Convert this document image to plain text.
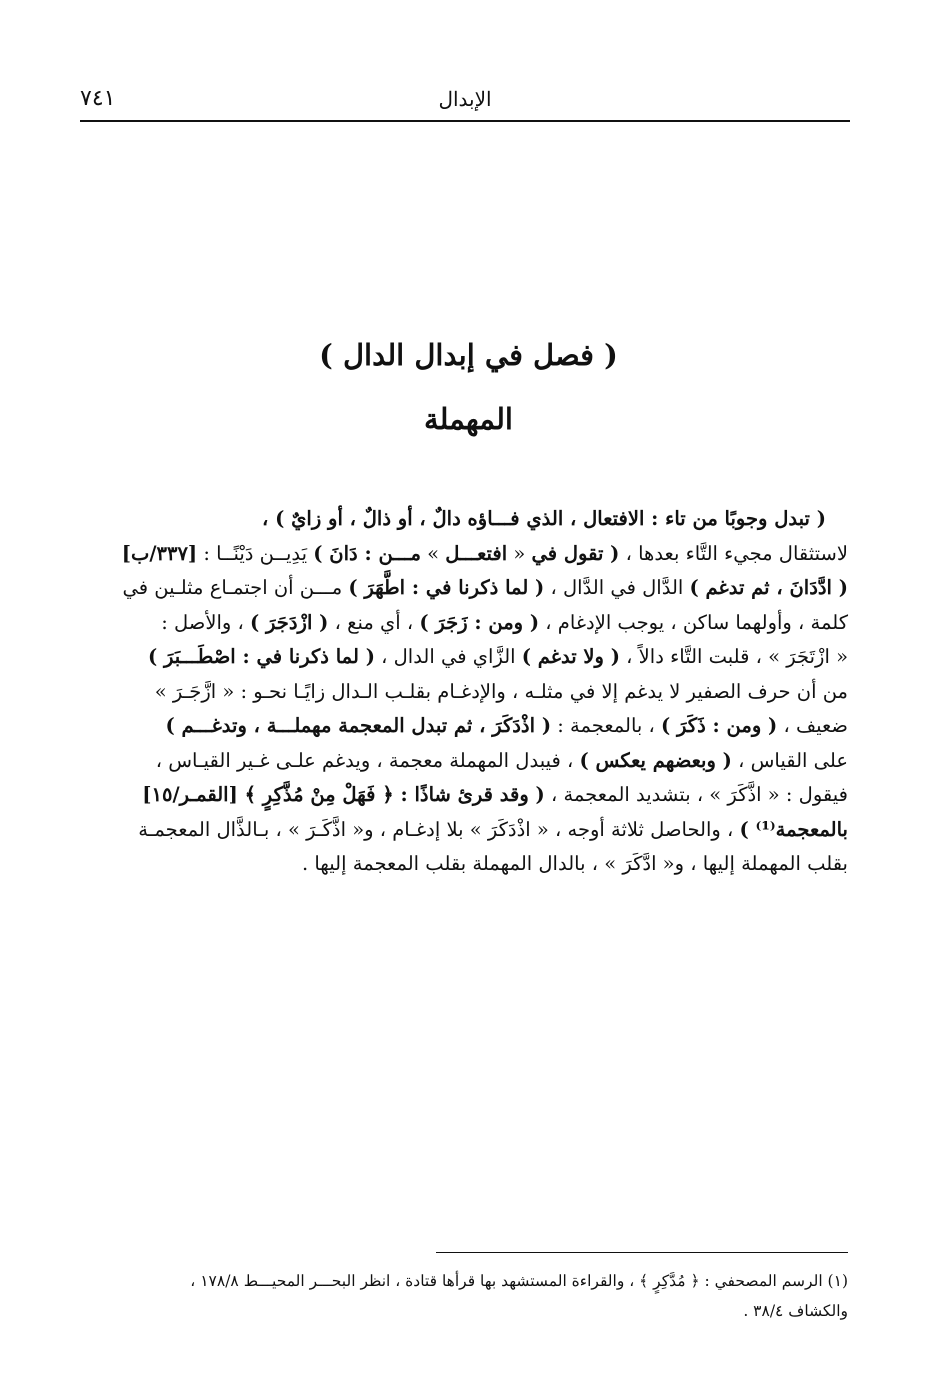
٧٤١	الإبدال
( فصل في إبدال الدال )
المهملة

( تبدل وجوبًا من تاء : الافتعال ، الذي فـــاؤه دالٌ ، أو ذالٌ ، أو زايٌ ) ،

لاستثقال مجيء التَّاء بعدها ، ( تقول في « افتعـــل » مـــن : دَانَ ) يَدِيــن دَيْنًــا : [٣٣٧/ب]

( ادَّدَانَ ، ثم تدغم ) الدَّال في الدَّال ، ( لما ذكرنا في : اطَّهَرَ ) مـــن أن اجتمـاع مثلـين في

كلمة ، وأولهما ساكن ، يوجب الإدغام ، ( ومن : زَجَرَ ) ، أي منع ، ( ازْدَجَرَ ) ، والأصل :

« ازْتَجَرَ » ، قلبت التَّاء دالاً ، ( ولا تدغم ) الزَّاي في الدال ، ( لما ذكرنا في : اصْطَـــبَرَ )

من أن حرف الصفير لا يدغم إلا في مثلـه ، والإدغـام بقلـب الـدال زايًـا نحـو : « ازَّجَـرَ »

ضعيف ، ( ومن : ذَكَرَ ) ، بالمعجمة : ( اذْدَكَرَ ، ثم تبدل المعجمة مهملـــة ، وتدغـــم )

على القياس ، ( وبعضهم يعكس ) ، فيبدل المهملة معجمة ، ويدغم علـى غـير القيـاس ،

فيقول : « اذَّكَرَ » ، بتشديد المعجمة ، ( وقد قرئ شاذًا : ﴿ فَهَلْ مِنْ مُذَّكِرٍ ﴾ [القمـر/١٥]

بالمعجمة⁽¹⁾ ) ، والحاصل ثلاثة أوجه ، « اذْدَكَرَ » بلا إدغـام ، و« اذَّكَـرَ » ، بـالذَّال المعجمـة

بقلب المهملة إليها ، و« ادَّكَرَ » ، بالدال المهملة بقلب المعجمة إليها .

(١) الرسم المصحفي : ﴿ مُدَّكِرٍ ﴾ ، والقراءة المستشهد بها قرأها قتادة ، انظر البحـــر المحيـــط ١٧٨/٨ ،

والكشاف ٣٨/٤ .
